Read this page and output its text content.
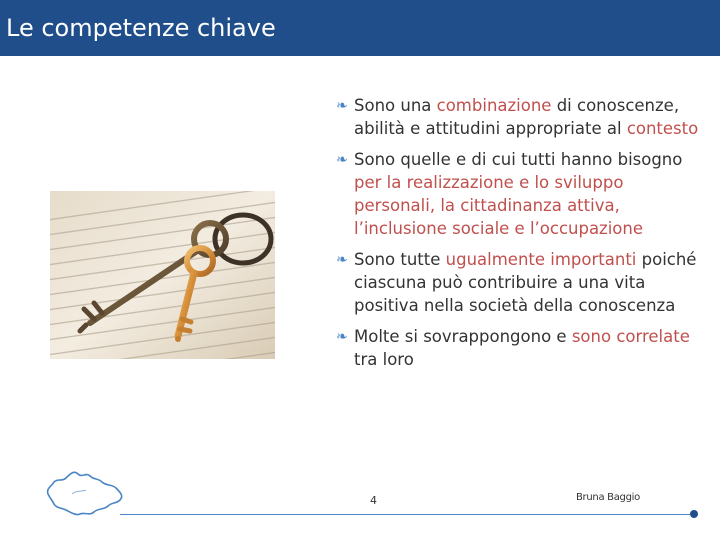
Le competenze chiave
❧ Sono una combinazione di conoscenze, abilità e attitudini appropriate al contesto
❧ Sono quelle e di cui tutti hanno bisogno per la realizzazione e lo sviluppo personali, la cittadinanza attiva, l’inclusione sociale e l’occupazione
❧ Sono tutte ugualmente importanti poiché ciascuna può contribuire a una vita positiva nella società della conoscenza
❧ Molte si sovrappongono e sono correlate tra loro
4	Bruna Baggio
